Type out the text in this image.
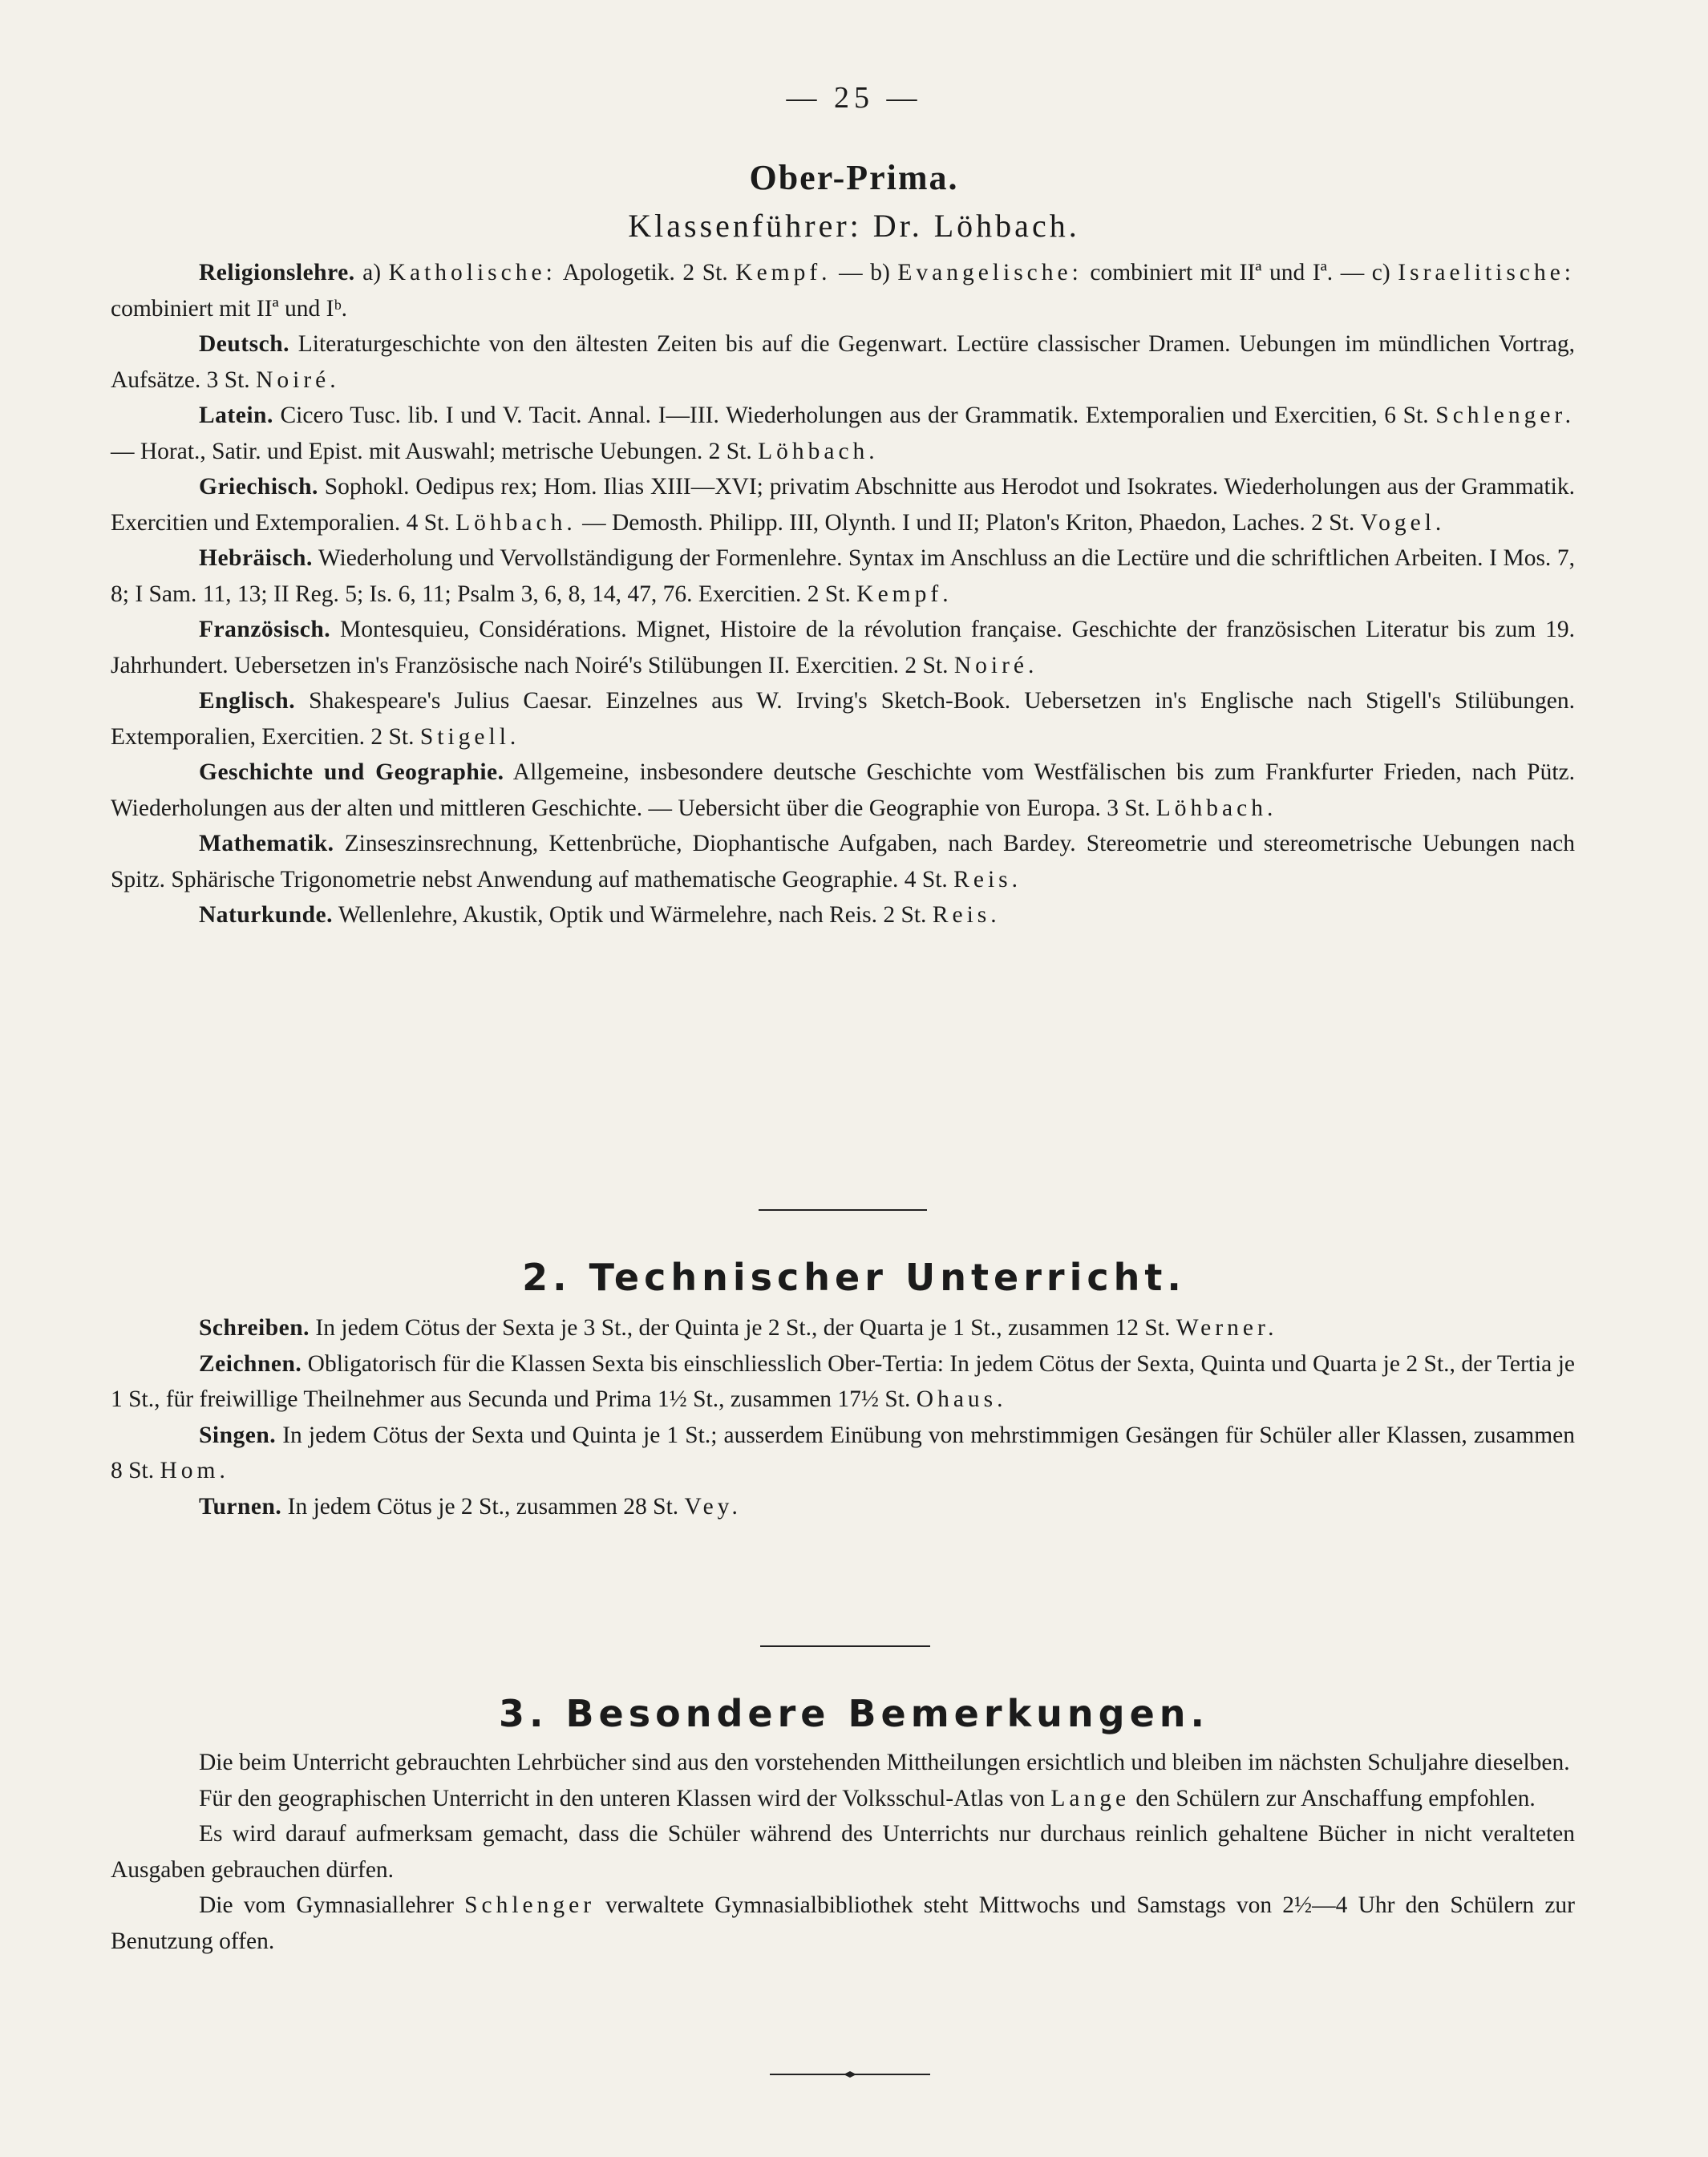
— 25 —
Ober-Prima.
Klassenführer: Dr. Löhbach.

Religionslehre. a) Katholische: Apologetik. 2 St. Kempf. — b) Evangelische: combiniert mit IIª und Iª. — c) Israelitische: combiniert mit IIª und Iᵇ.

Deutsch. Literaturgeschichte von den ältesten Zeiten bis auf die Gegenwart. Lectüre classischer Dramen. Uebungen im mündlichen Vortrag, Aufsätze. 3 St. Noiré.

Latein. Cicero Tusc. lib. I und V. Tacit. Annal. I—III. Wiederholungen aus der Grammatik. Extemporalien und Exercitien, 6 St. Schlenger. — Horat., Satir. und Epist. mit Auswahl; metrische Uebungen. 2 St. Löhbach.

Griechisch. Sophokl. Oedipus rex; Hom. Ilias XIII—XVI; privatim Abschnitte aus Herodot und Isokrates. Wiederholungen aus der Grammatik. Exercitien und Extemporalien. 4 St. Löhbach. — Demosth. Philipp. III, Olynth. I und II; Platon's Kriton, Phaedon, Laches. 2 St. Vogel.

Hebräisch. Wiederholung und Vervollständigung der Formenlehre. Syntax im Anschluss an die Lectüre und die schriftlichen Arbeiten. I Mos. 7, 8; I Sam. 11, 13; II Reg. 5; Is. 6, 11; Psalm 3, 6, 8, 14, 47, 76. Exercitien. 2 St. Kempf.

Französisch. Montesquieu, Considérations. Mignet, Histoire de la révolution française. Geschichte der französischen Literatur bis zum 19. Jahrhundert. Uebersetzen in's Französische nach Noiré's Stilübungen II. Exercitien. 2 St. Noiré.

Englisch. Shakespeare's Julius Caesar. Einzelnes aus W. Irving's Sketch-Book. Uebersetzen in's Englische nach Stigell's Stilübungen. Extemporalien, Exercitien. 2 St. Stigell.

Geschichte und Geographie. Allgemeine, insbesondere deutsche Geschichte vom Westfälischen bis zum Frankfurter Frieden, nach Pütz. Wiederholungen aus der alten und mittleren Geschichte. — Uebersicht über die Geographie von Europa. 3 St. Löhbach.

Mathematik. Zinseszinsrechnung, Kettenbrüche, Diophantische Aufgaben, nach Bardey. Stereometrie und stereometrische Uebungen nach Spitz. Sphärische Trigonometrie nebst Anwendung auf mathematische Geographie. 4 St. Reis.

Naturkunde. Wellenlehre, Akustik, Optik und Wärmelehre, nach Reis. 2 St. Reis.

2. Technischer Unterricht.

Schreiben. In jedem Cötus der Sexta je 3 St., der Quinta je 2 St., der Quarta je 1 St., zusammen 12 St. Werner.

Zeichnen. Obligatorisch für die Klassen Sexta bis einschliesslich Ober-Tertia: In jedem Cötus der Sexta, Quinta und Quarta je 2 St., der Tertia je 1 St., für freiwillige Theilnehmer aus Secunda und Prima 1½ St., zusammen 17½ St. Ohaus.

Singen. In jedem Cötus der Sexta und Quinta je 1 St.; ausserdem Einübung von mehrstimmigen Gesängen für Schüler aller Klassen, zusammen 8 St. Hom.

Turnen. In jedem Cötus je 2 St., zusammen 28 St. Vey.

3. Besondere Bemerkungen.

Die beim Unterricht gebrauchten Lehrbücher sind aus den vorstehenden Mittheilungen ersichtlich und bleiben im nächsten Schuljahre dieselben.

Für den geographischen Unterricht in den unteren Klassen wird der Volksschul-Atlas von Lange den Schülern zur Anschaffung empfohlen.

Es wird darauf aufmerksam gemacht, dass die Schüler während des Unterrichts nur durchaus reinlich gehaltene Bücher in nicht veralteten Ausgaben gebrauchen dürfen.

Die vom Gymnasiallehrer Schlenger verwaltete Gymnasialbibliothek steht Mittwochs und Samstags von 2½—4 Uhr den Schülern zur Benutzung offen.
